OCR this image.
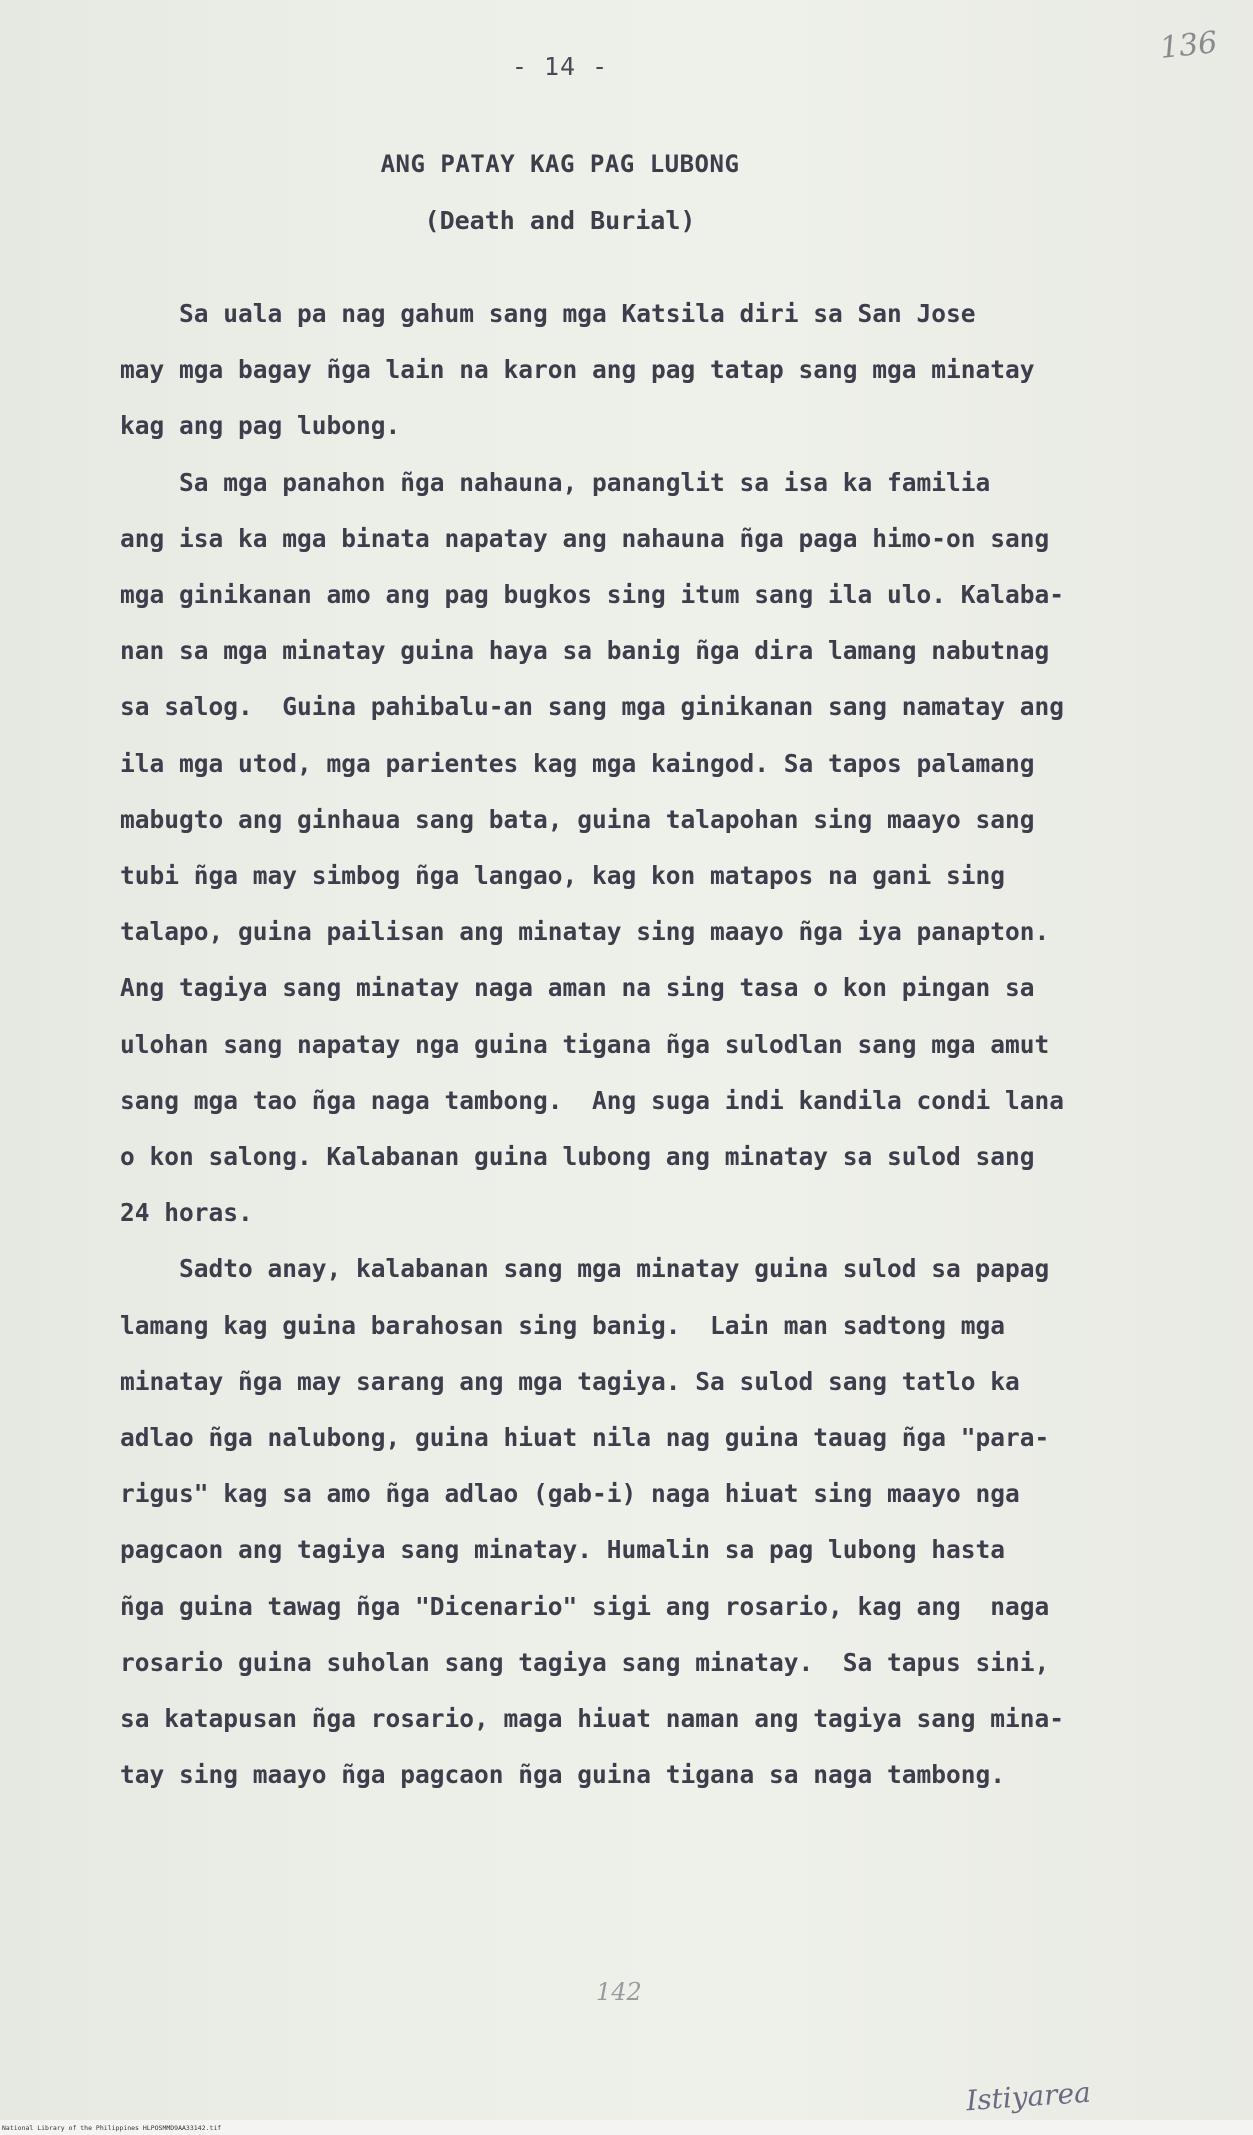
- 14 -
136
ANG PATAY KAG PAG LUBONG
(Death and Burial)
Sa uala pa nag gahum sang mga Katsila diri sa San Jose
may mga bagay ñga lain na karon ang pag tatap sang mga minatay
kag ang pag lubong.
Sa mga panahon ñga nahauna, pananglit sa isa ka familia
ang isa ka mga binata napatay ang nahauna ñga paga himo-on sang
mga ginikanan amo ang pag bugkos sing itum sang ila ulo. Kalaba-
nan sa mga minatay guina haya sa banig ñga dira lamang nabutnag
sa salog.  Guina pahibalu-an sang mga ginikanan sang namatay ang
ila mga utod, mga parientes kag mga kaingod. Sa tapos palamang
mabugto ang ginhaua sang bata, guina talapohan sing maayo sang
tubi ñga may simbog ñga langao, kag kon matapos na gani sing
talapo, guina pailisan ang minatay sing maayo ñga iya panapton.
Ang tagiya sang minatay naga aman na sing tasa o kon pingan sa
ulohan sang napatay nga guina tigana ñga sulodlan sang mga amut
sang mga tao ñga naga tambong.  Ang suga indi kandila condi lana
o kon salong. Kalabanan guina lubong ang minatay sa sulod sang
24 horas.
Sadto anay, kalabanan sang mga minatay guina sulod sa papag
lamang kag guina barahosan sing banig.  Lain man sadtong mga
minatay ñga may sarang ang mga tagiya. Sa sulod sang tatlo ka
adlao ñga nalubong, guina hiuat nila nag guina tauag ñga "para-
rigus" kag sa amo ñga adlao (gab-i) naga hiuat sing maayo nga
pagcaon ang tagiya sang minatay. Humalin sa pag lubong hasta
ñga guina tawag ñga "Dicenario" sigi ang rosario, kag ang  naga
rosario guina suholan sang tagiya sang minatay.  Sa tapus sini,
sa katapusan ñga rosario, maga hiuat naman ang tagiya sang mina-
tay sing maayo ñga pagcaon ñga guina tigana sa naga tambong.
142
Istiyarea
National Library of the Philippines HLPOSMMD9AA33142.tif
